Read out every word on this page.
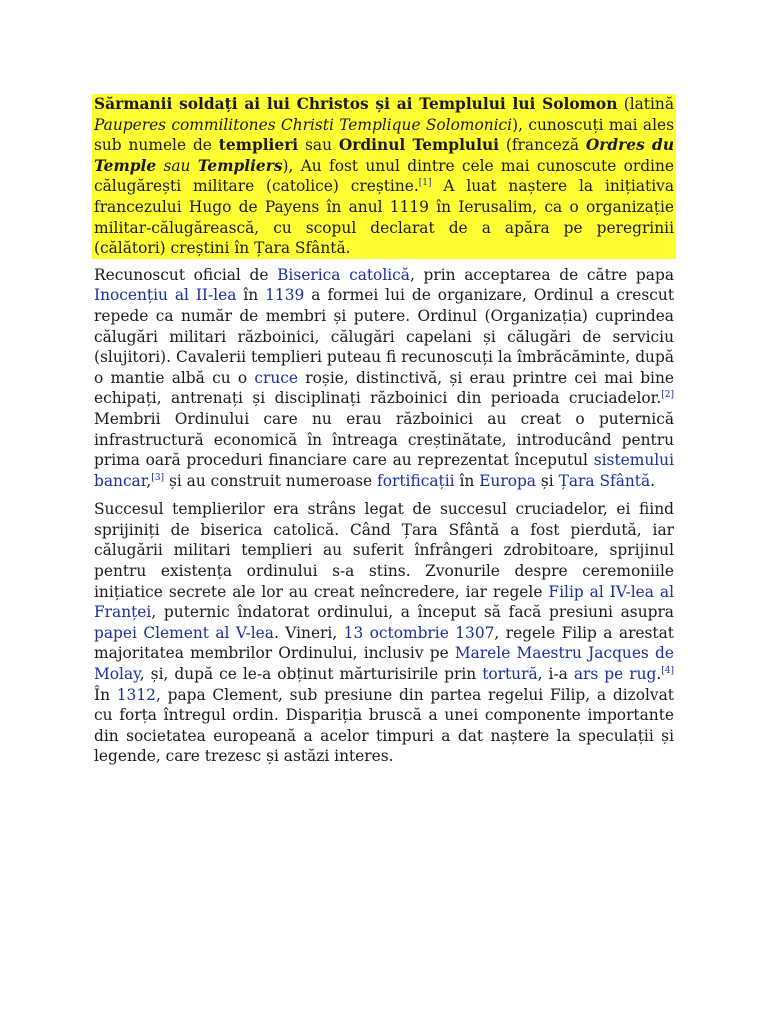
Sărmanii soldați ai lui Christos și ai Templului lui Solomon (latină Pauperes commilitones Christi Templique Solomonici), cunoscuți mai ales sub numele de templieri sau Ordinul Templului (franceză Ordres du Temple sau Templiers), Au fost unul dintre cele mai cunoscute ordine călugărești militare (catolice) creștine.[1] A luat naștere la inițiativa francezului Hugo de Payens în anul 1119 în Ierusalim, ca o organizație militar-călugărească, cu scopul declarat de a apăra pe peregrinii (călători) creștini în Țara Sfântă.

Recunoscut oficial de Biserica catolică, prin acceptarea de către papa Inocențiu al II-lea în 1139 a formei lui de organizare, Ordinul a crescut repede ca număr de membri și putere. Ordinul (Organizația) cuprindea călugări militari războinici, călugări capelani și călugări de serviciu (slujitori). Cavalerii templieri puteau fi recunoscuți la îmbrăcăminte, după o mantie albă cu o cruce roșie, distinctivă, și erau printre cei mai bine echipați, antrenați și disciplinați războinici din perioada cruciadelor.[2] Membrii Ordinului care nu erau războinici au creat o puternică infrastructură economică în întreaga creștinătate, introducând pentru prima oară proceduri financiare care au reprezentat începutul sistemului bancar,[3] și au construit numeroase fortificații în Europa și Țara Sfântă.

Succesul templierilor era strâns legat de succesul cruciadelor, ei fiind sprijiniți de biserica catolică. Când Țara Sfântă a fost pierdută, iar călugării militari templieri au suferit înfrângeri zdrobitoare, sprijinul pentru existența ordinului s-a stins. Zvonurile despre ceremoniile inițiatice secrete ale lor au creat neîncredere, iar regele Filip al IV-lea al Franței, puternic îndatorat ordinului, a început să facă presiuni asupra papei Clement al V-lea. Vineri, 13 octombrie 1307, regele Filip a arestat majoritatea membrilor Ordinului, inclusiv pe Marele Maestru Jacques de Molay, și, după ce le-a obținut mărturisirile prin tortură, i-a ars pe rug.[4] În 1312, papa Clement, sub presiune din partea regelui Filip, a dizolvat cu forța întregul ordin. Dispariția bruscă a unei componente importante din societatea europeană a acelor timpuri a dat naștere la speculații și legende, care trezesc și astăzi interes.
